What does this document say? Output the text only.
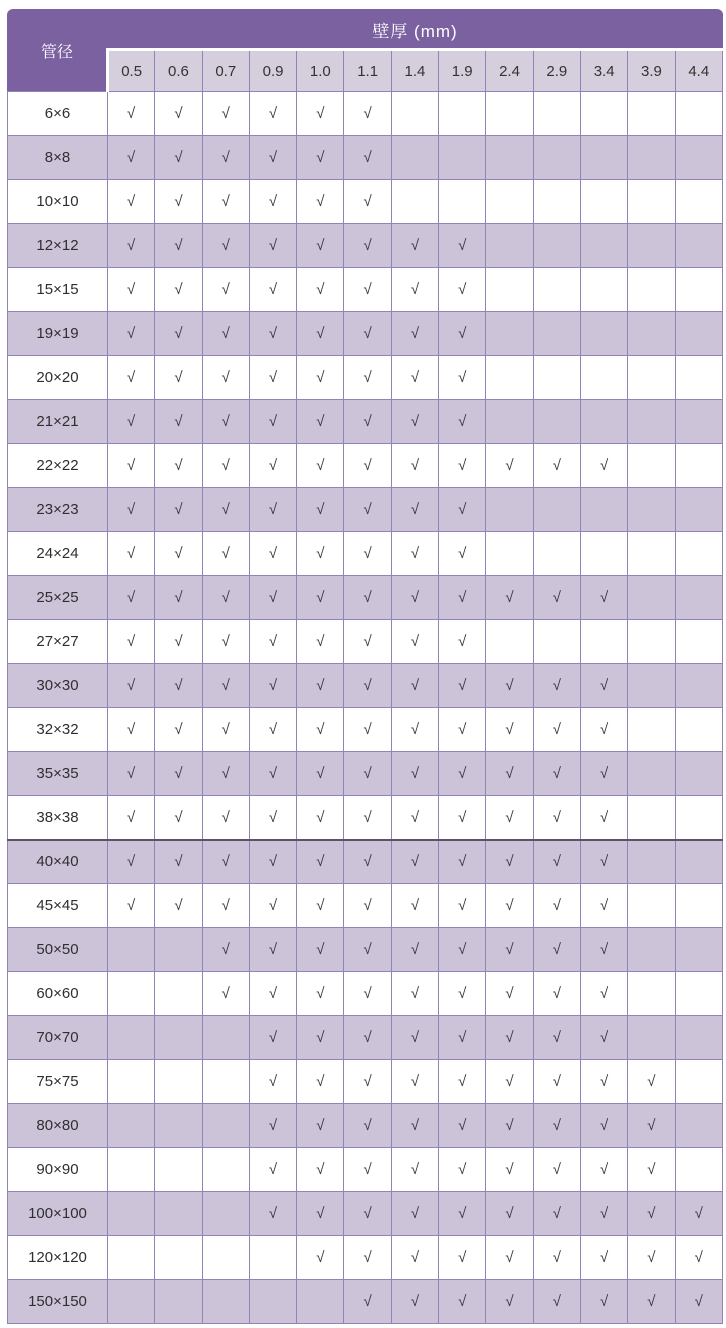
管径	壁厚 (mm)												
	0.5	0.6	0.7	0.9	1.0	1.1	1.4	1.9	2.4	2.9	3.4	3.9	4.4
6×6	√	√	√	√	√	√							
8×8	√	√	√	√	√	√							
10×10	√	√	√	√	√	√							
12×12	√	√	√	√	√	√	√	√					
15×15	√	√	√	√	√	√	√	√					
19×19	√	√	√	√	√	√	√	√					
20×20	√	√	√	√	√	√	√	√					
21×21	√	√	√	√	√	√	√	√					
22×22	√	√	√	√	√	√	√	√	√	√	√		
23×23	√	√	√	√	√	√	√	√					
24×24	√	√	√	√	√	√	√	√					
25×25	√	√	√	√	√	√	√	√	√	√	√		
27×27	√	√	√	√	√	√	√	√					
30×30	√	√	√	√	√	√	√	√	√	√	√		
32×32	√	√	√	√	√	√	√	√	√	√	√		
35×35	√	√	√	√	√	√	√	√	√	√	√		
38×38	√	√	√	√	√	√	√	√	√	√	√		
40×40	√	√	√	√	√	√	√	√	√	√	√		
45×45	√	√	√	√	√	√	√	√	√	√	√		
50×50			√	√	√	√	√	√	√	√	√		
60×60			√	√	√	√	√	√	√	√	√		
70×70				√	√	√	√	√	√	√	√		
75×75				√	√	√	√	√	√	√	√	√	
80×80				√	√	√	√	√	√	√	√	√	
90×90				√	√	√	√	√	√	√	√	√	
100×100				√	√	√	√	√	√	√	√	√	√
120×120					√	√	√	√	√	√	√	√	√
150×150						√	√	√	√	√	√	√	√
